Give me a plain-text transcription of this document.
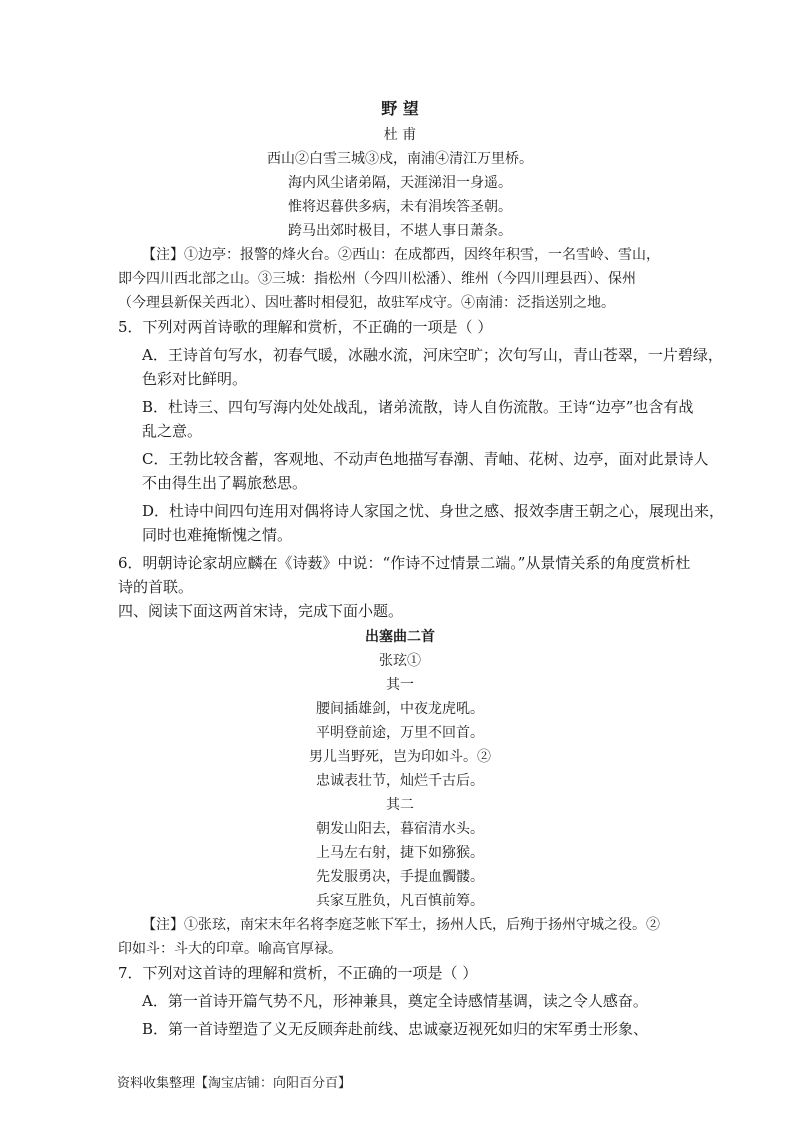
野 望
杜 甫
西山②白雪三城③戍，南浦④清江万里桥。
海内风尘诸弟隔，天涯涕泪一身遥。
惟将迟暮供多病，未有涓埃答圣朝。
跨马出郊时极目，不堪人事日萧条。
【注】①边亭：报警的烽火台。②西山：在成都西，因终年积雪，一名雪岭、雪山，
即今四川西北部之山。③三城：指松州（今四川松潘）、维州（今四川理县西）、保州
（今理县新保关西北）、因吐蕃时相侵犯，故驻军戍守。④南浦：泛指送别之地。
5．下列对两首诗歌的理解和赏析，不正确的一项是（ ）
A．王诗首句写水，初春气暖，冰融水流，河床空旷；次句写山，青山苍翠，一片碧绿，
色彩对比鲜明。
B．杜诗三、四句写海内处处战乱，诸弟流散，诗人自伤流散。王诗“边亭”也含有战
乱之意。
C．王勃比较含蓄，客观地、不动声色地描写春潮、青岫、花树、边亭，面对此景诗人
不由得生出了羁旅愁思。
D．杜诗中间四句连用对偶将诗人家国之忧、身世之感、报效李唐王朝之心，展现出来，
同时也难掩惭愧之情。
6．明朝诗论家胡应麟在《诗薮》中说：“作诗不过情景二端。”从景情关系的角度赏析杜
诗的首联。
四、阅读下面这两首宋诗，完成下面小题。
出塞曲二首
张玹①
其一
腰间插雄剑，中夜龙虎吼。
平明登前途，万里不回首。
男儿当野死，岂为印如斗。②
忠诚表壮节，灿烂千古后。
其二
朝发山阳去，暮宿清水头。
上马左右射，捷下如猕猴。
先发服勇决，手提血髑髅。
兵家互胜负，凡百慎前筹。
【注】①张玹，南宋末年名将李庭芝帐下军士，扬州人氏，后殉于扬州守城之役。②
印如斗：斗大的印章。喻高官厚禄。
7．下列对这首诗的理解和赏析，不正确的一项是（ ）
A．第一首诗开篇气势不凡，形神兼具，奠定全诗感情基调，读之令人感奋。
B．第一首诗塑造了义无反顾奔赴前线、忠诚豪迈视死如归的宋军勇士形象、
资料收集整理【淘宝店铺：向阳百分百】
